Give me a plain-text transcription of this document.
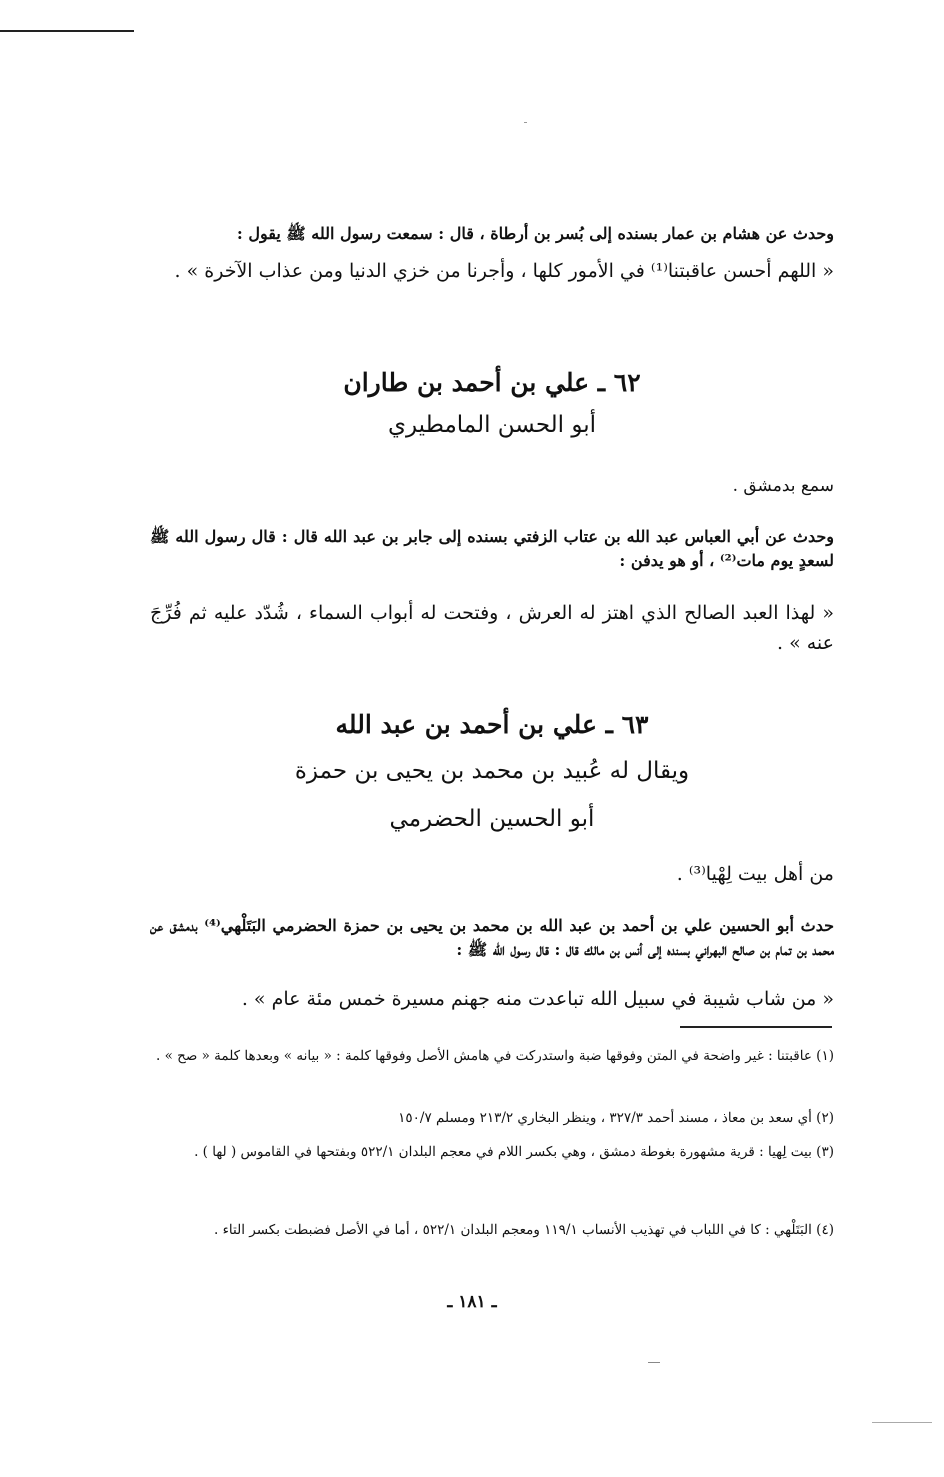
وحدث عن هشام بن عمار بسنده إلى بُسر بن أرطاة ، قال : سمعت رسول الله ﷺ يقول :
« اللهم أحسن عاقبتنا⁽¹⁾ في الأمور كلها ، وأجرنا من خزي الدنيا ومن عذاب الآخرة » .
٦٢ ـ علي بن أحمد بن طاران
أبو الحسن المامطيري
سمع بدمشق .
وحدث عن أبي العباس عبد الله بن عتاب الزفتي بسنده إلى جابر بن عبد الله قال : قال رسول الله ﷺ لسعدٍ يوم مات⁽²⁾ ، أو هو يدفن :
« لهذا العبد الصالح الذي اهتز له العرش ، وفتحت له أبواب السماء ، شُدّد عليه ثم فُرِّجَ عنه » .
٦٣ ـ علي بن أحمد بن عبد الله
ويقال له عُبيد بن محمد بن يحيى بن حمزة
أبو الحسين الحضرمي
من أهل بيت لِهْيا⁽³⁾ .
حدث أبو الحسين علي بن أحمد بن عبد الله بن محمد بن يحيى بن حمزة الحضرمي البَتَلْهي⁽⁴⁾ بدمشق عن محمد بن تمام بن صالح البهراني بسنده إلى أنس بن مالك قال : قال رسول الله ﷺ :
« من شاب شيبة في سبيل الله تباعدت منه جهنم مسيرة خمس مئة عام » .
(١) عاقبتنا : غير واضحة في المتن وفوقها ضبة واستدركت في هامش الأصل وفوقها كلمة : « بيانه » وبعدها كلمة « صح » .
(٢) أي سعد بن معاذ ، مسند أحمد ٣٢٧/٣ ، وينظر البخاري ٢١٣/٢ ومسلم ١٥٠/٧
(٣) بيت لِهيا : قرية مشهورة بغوطة دمشق ، وهي بكسر اللام في معجم البلدان ٥٢٢/١ وبفتحها في القاموس ( لها ) .
(٤) البَتَلْهي : كا في اللباب في تهذيب الأنساب ١١٩/١ ومعجم البلدان ٥٢٢/١ ، أما في الأصل فضبطت بكسر التاء .
ـ ١٨١ ـ
